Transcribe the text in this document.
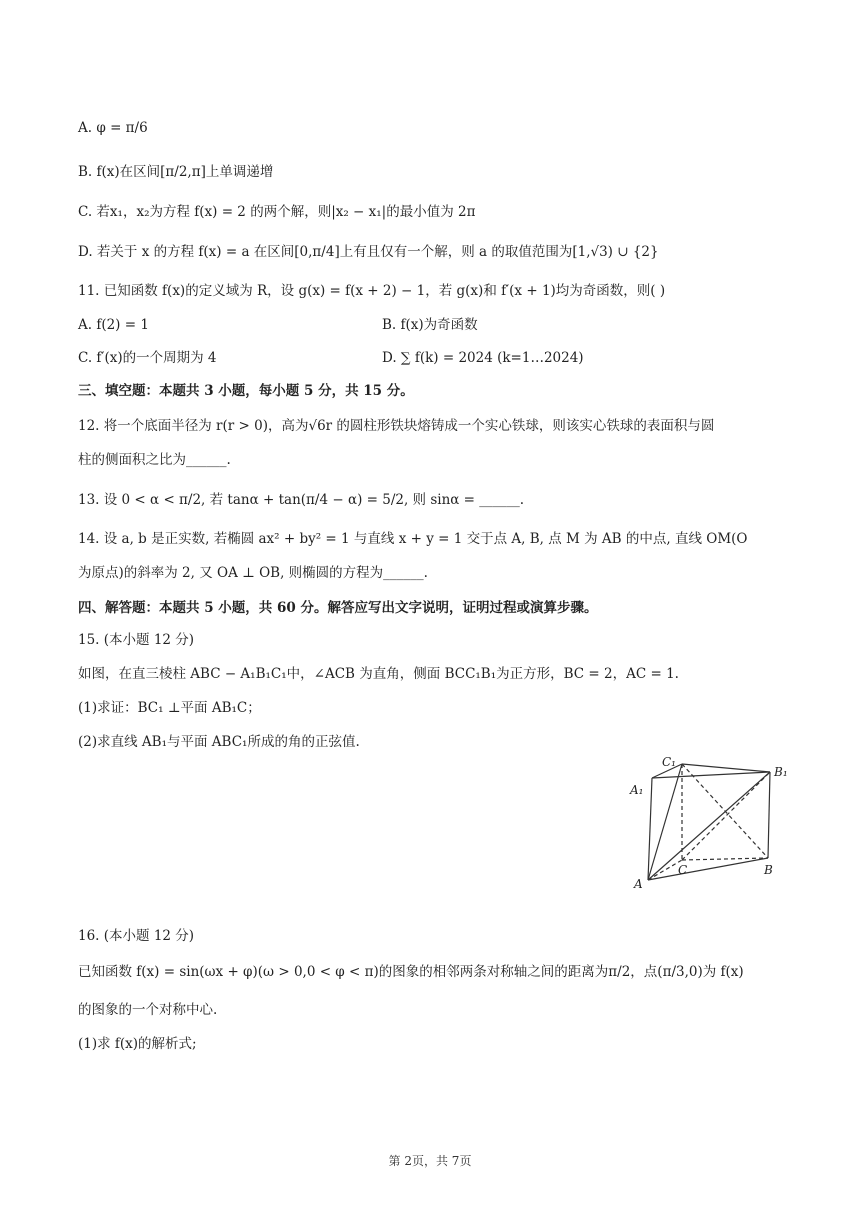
A. φ = π/6
B. f(x)在区间[π/2,π]上单调递增
C. 若x₁，x₂为方程 f(x) = 2 的两个解，则|x₂ − x₁|的最小值为 2π
D. 若关于 x 的方程 f(x) = a 在区间[0,π/4]上有且仅有一个解，则 a 的取值范围为[1,√3) ∪ {2}
11. 已知函数 f(x)的定义域为 R，设 g(x) = f(x + 2) − 1，若 g(x)和 f′(x + 1)均为奇函数，则( )
A. f(2) = 1	B. f(x)为奇函数
C. f′(x)的一个周期为 4	D. ∑ f(k) = 2024 (k=1…2024)
三、填空题：本题共 3 小题，每小题 5 分，共 15 分。
12. 将一个底面半径为 r(r > 0)，高为√6r 的圆柱形铁块熔铸成一个实心铁球，则该实心铁球的表面积与圆
柱的侧面积之比为______.
13. 设 0 < α < π/2, 若 tanα + tan(π/4 − α) = 5/2, 则 sinα = ______.
14. 设 a, b 是正实数, 若椭圆 ax² + by² = 1 与直线 x + y = 1 交于点 A, B, 点 M 为 AB 的中点, 直线 OM(O
为原点)的斜率为 2, 又 OA ⊥ OB, 则椭圆的方程为______.
四、解答题：本题共 5 小题，共 60 分。解答应写出文字说明，证明过程或演算步骤。
15. (本小题 12 分)
如图，在直三棱柱 ABC − A₁B₁C₁中，∠ACB 为直角，侧面 BCC₁B₁为正方形，BC = 2，AC = 1.
(1)求证：BC₁ ⊥平面 AB₁C；
(2)求直线 AB₁与平面 ABC₁所成的角的正弦值.
C₁
B₁
A₁
C	B
A
16. (本小题 12 分)
已知函数 f(x) = sin(ωx + φ)(ω > 0,0 < φ < π)的图象的相邻两条对称轴之间的距离为π/2，点(π/3,0)为 f(x)
的图象的一个对称中心.
(1)求 f(x)的解析式;
第 2页，共 7页
